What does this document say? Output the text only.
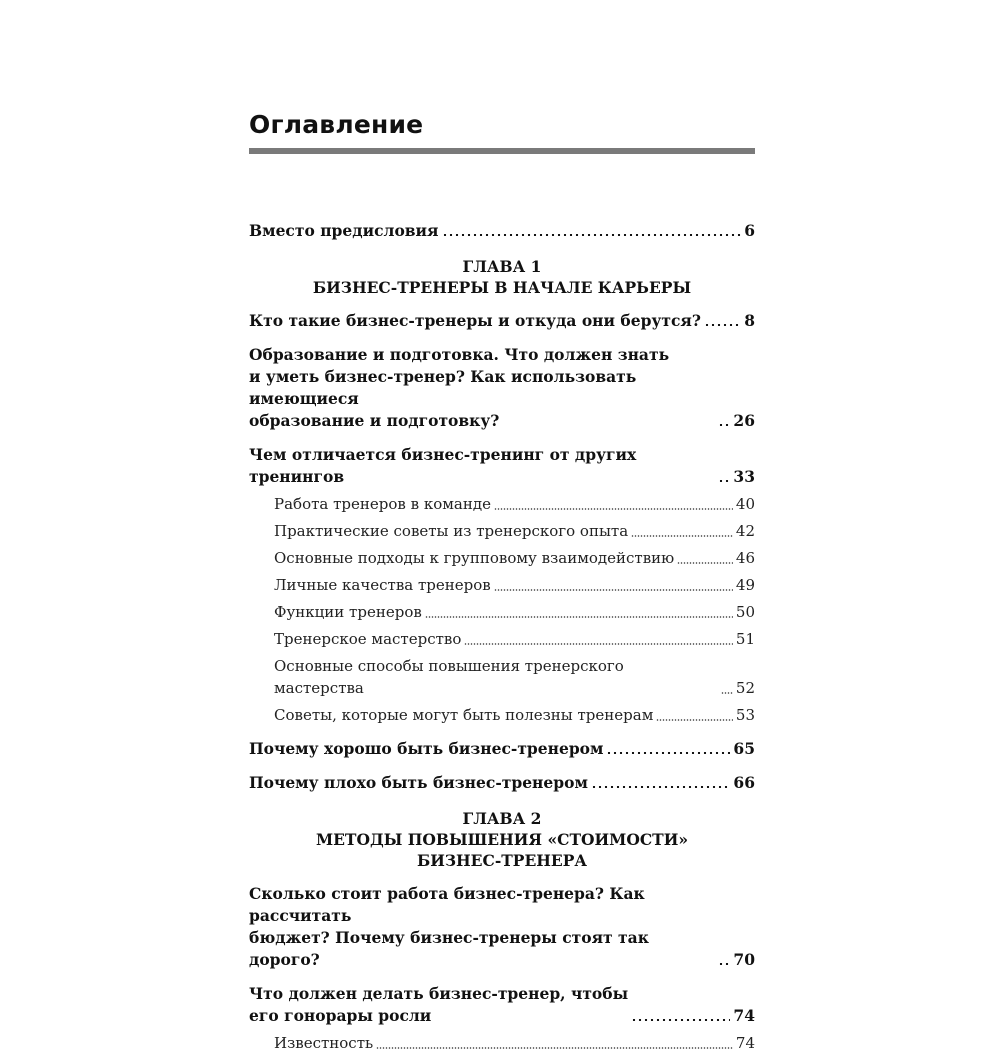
Оглавление
Вместо предисловия	6
ГЛАВА 1
БИЗНЕС-ТРЕНЕРЫ В НАЧАЛЕ КАРЬЕРЫ
Кто такие бизнес-тренеры и откуда они берутся?	8
Образование и подготовка. Что должен знать
и уметь бизнес-тренер? Как использовать имеющиеся
образование и подготовку?	26
Чем отличается бизнес-тренинг от других тренингов	33
Работа тренеров в команде	40
Практические советы из тренерского опыта	42
Основные подходы к групповому взаимодействию	46
Личные качества тренеров	49
Функции тренеров	50
Тренерское мастерство	51
Основные способы повышения тренерского мастерства	52
Советы, которые могут быть полезны тренерам	53
Почему хорошо быть бизнес-тренером	65
Почему плохо быть бизнес-тренером	66
ГЛАВА 2
МЕТОДЫ ПОВЫШЕНИЯ «СТОИМОСТИ»
БИЗНЕС-ТРЕНЕРА
Сколько стоит работа бизнес-тренера? Как рассчитать
бюджет? Почему бизнес-тренеры стоят так дорого?	70
Что должен делать бизнес-тренер, чтобы
его гонорары росли	74
Известность	74
